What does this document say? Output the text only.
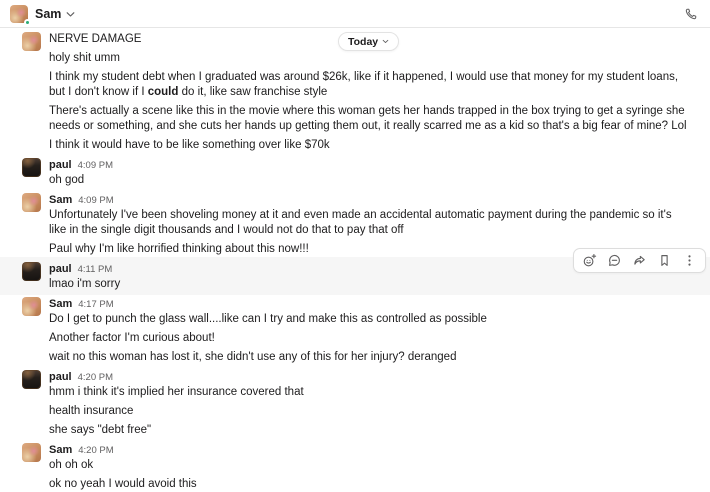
Sam
Today
NERVE DAMAGE
holy shit umm
I think my student debt when I graduated was around $26k, like if it happened, I would use that money for my student loans, but I don't know if I could do it, like saw franchise style
There's actually a scene like this in the movie where this woman gets her hands trapped in the box trying to get a syringe she needs or something, and she cuts her hands up getting them out, it really scarred me as a kid so that's a big fear of mine? Lol
I think it would have to be like something over like $70k
paul 4:09 PM
oh god
Sam 4:09 PM
Unfortunately I've been shoveling money at it and even made an accidental automatic payment during the pandemic so it's like in the single digit thousands and I would not do that to pay that off
Paul why I'm like horrified thinking about this now!!!
paul 4:11 PM
lmao i'm sorry
Sam 4:17 PM
Do I get to punch the glass wall....like can I try and make this as controlled as possible
Another factor I'm curious about!
wait no this woman has lost it, she didn't use any of this for her injury? deranged
paul 4:20 PM
hmm i think it's implied her insurance covered that
health insurance
she says "debt free"
Sam 4:20 PM
oh oh ok
ok no yeah I would avoid this
